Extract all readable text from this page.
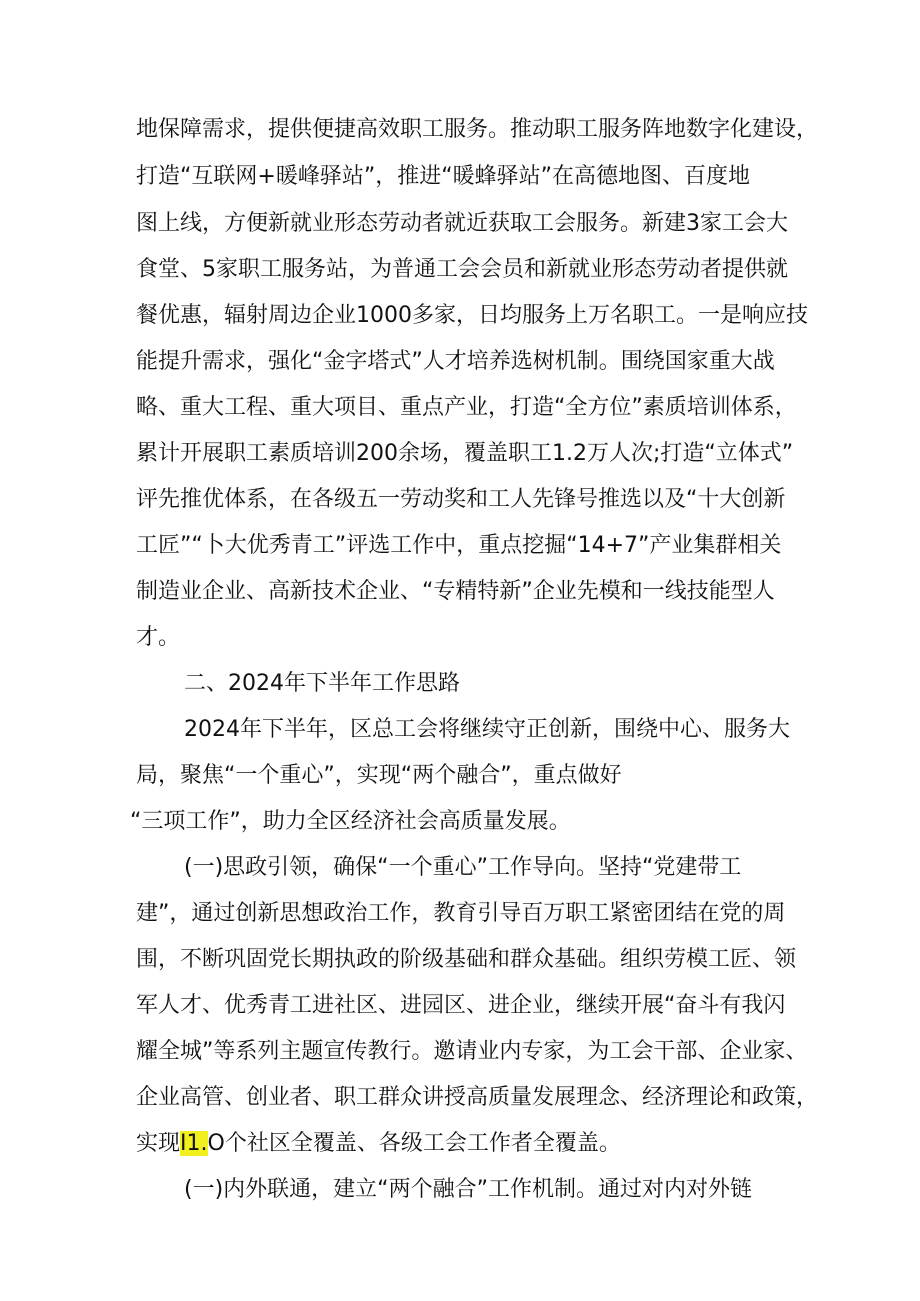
地保障需求，提供便捷高效职工服务。推动职工服务阵地数字化建设，
打造“互联网+暖峰驿站”，推进“暖蜂驿站”在高德地图、百度地
图上线，方便新就业形态劳动者就近获取工会服务。新建3家工会大
食堂、5家职工服务站，为普通工会会员和新就业形态劳动者提供就
餐优惠，辐射周边企业1000多家，日均服务上万名职工。一是响应技
能提升需求，强化“金字塔式”人才培养选树机制。围绕国家重大战
略、重大工程、重大项目、重点产业，打造“全方位”素质培训体系，
累计开展职工素质培训200余场，覆盖职工1.2万人次;打造“立体式”
评先推优体系，在各级五一劳动奖和工人先锋号推选以及“十大创新
工匠”“卜大优秀青工”评选工作中，重点挖掘“14+7”产业集群相关
制造业企业、高新技术企业、“专精特新”企业先模和一线技能型人
才。
二、2024年下半年工作思路
2024年下半年，区总工会将继续守正创新，围绕中心、服务大
局，聚焦“一个重心”，实现“两个融合”，重点做好
“三项工作”，助力全区经济社会高质量发展。
(一)思政引领，确保“一个重心”工作导向。坚持“党建带工
建”，通过创新思想政治工作，教育引导百万职工紧密团结在党的周
围，不断巩固党长期执政的阶级基础和群众基础。组织劳模工匠、领
军人才、优秀青工进社区、进园区、进企业，继续开展“奋斗有我闪
耀全城”等系列主题宣传教行。邀请业内专家，为工会干部、企业家、
企业高管、创业者、职工群众讲授高质量发展理念、经济理论和政策，
实现I1.O个社区全覆盖、各级工会工作者全覆盖。
(一)内外联通，建立“两个融合”工作机制。通过对内对外链
